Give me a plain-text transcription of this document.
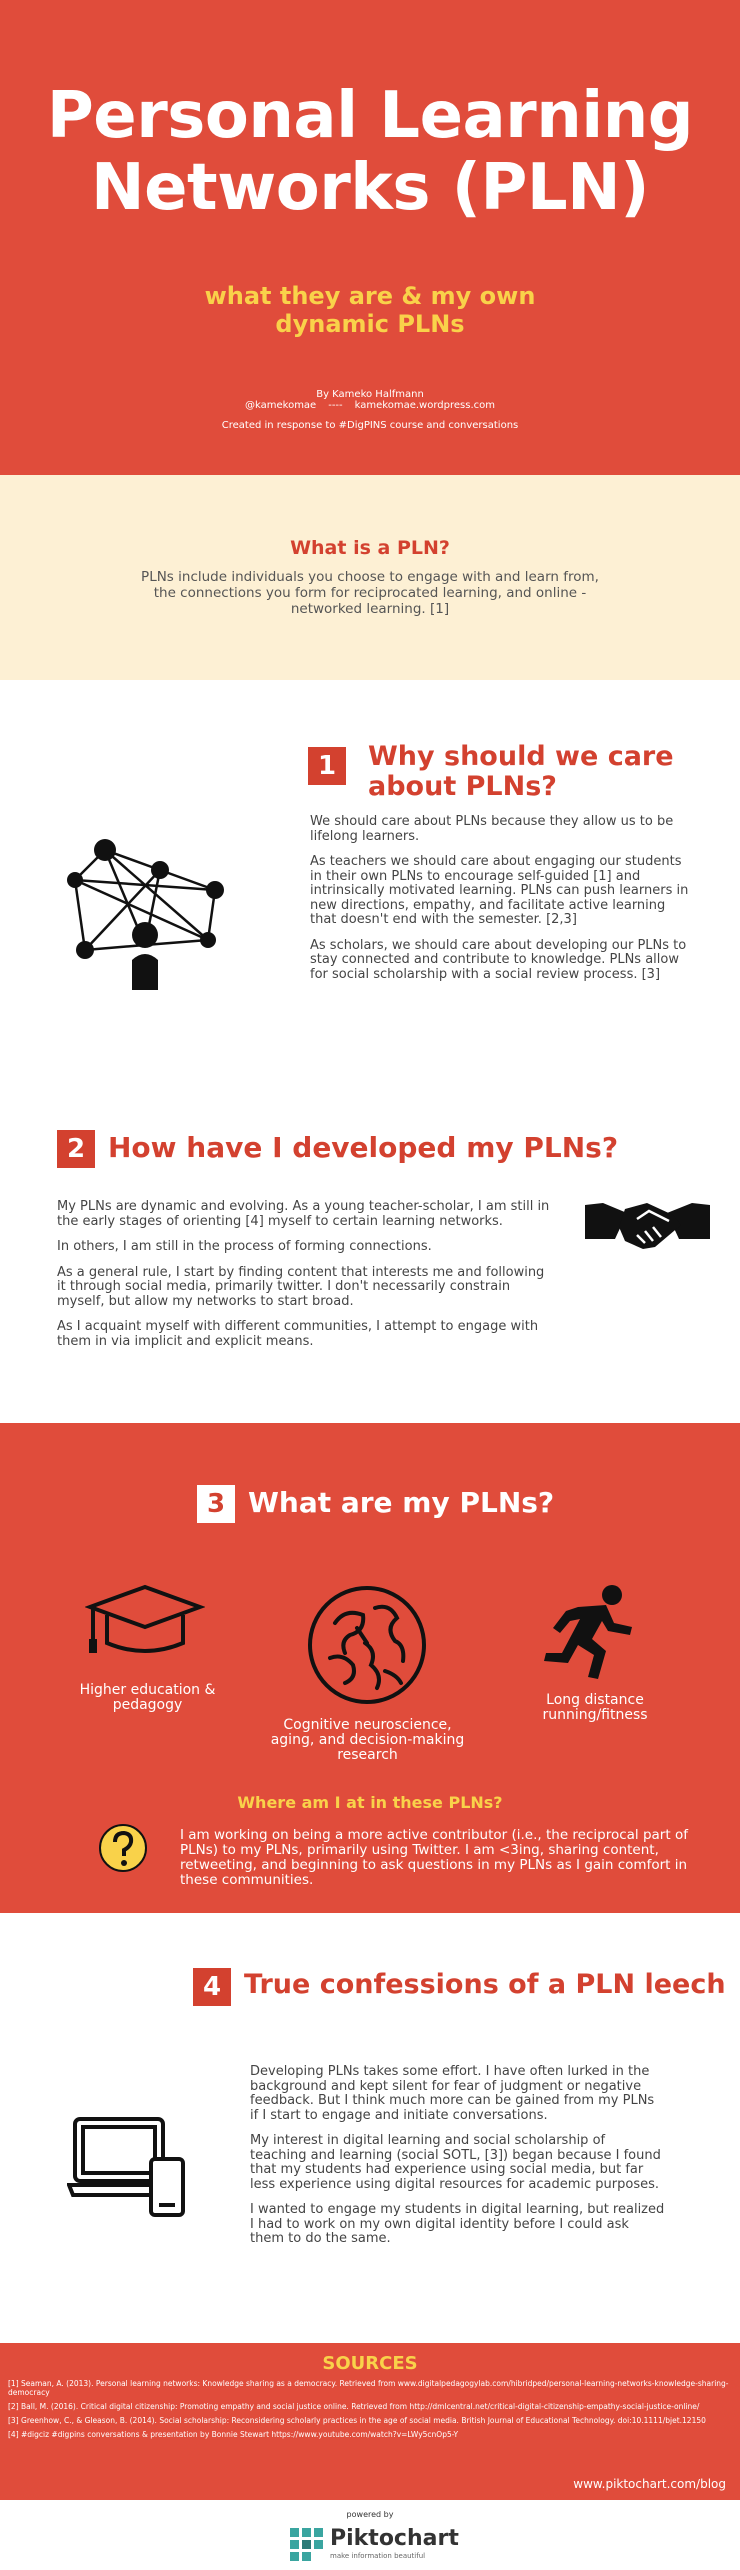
Personal Learning
Networks (PLN)
what they are & my own
dynamic PLNs
By Kameko Halfmann
@kamekomae ---- kamekomae.wordpress.com
Created in response to #DigPINS course and conversations
What is a PLN?

PLNs include individuals you choose to engage with and learn from, the connections you form for reciprocated learning, and online - networked learning. [1]

1	Why should we care
about PLNs?

We should care about PLNs because they allow us to be lifelong learners.

As teachers we should care about engaging our students in their own PLNs to encourage self-guided [1] and intrinsically motivated learning. PLNs can push learners in new directions, empathy, and facilitate active learning that doesn't end with the semester. [2,3]

As scholars, we should care about developing our PLNs to stay connected and contribute to knowledge. PLNs allow for social scholarship with a social review process. [3]

2 How have I developed my PLNs?

My PLNs are dynamic and evolving. As a young teacher-scholar, I am still in the early stages of orienting [4] myself to certain learning networks.

In others, I am still in the process of forming connections.

As a general rule, I start by finding content that interests me and following it through social media, primarily twitter. I don't necessarily constrain myself, but allow my networks to start broad.

As I acquaint myself with different communities, I attempt to engage with them in via implicit and explicit means.

3 What are my PLNs?
Higher education & pedagogy
Cognitive neuroscience, aging, and decision-making research
Long distance running/fitness
Where am I at in these PLNs?
I am working on being a more active contributor (i.e., the reciprocal part of PLNs) to my PLNs, primarily using Twitter. I am <3ing, sharing content, retweeting, and beginning to ask questions in my PLNs as I gain comfort in these communities.
4 True confessions of a PLN leech

Developing PLNs takes some effort. I have often lurked in the background and kept silent for fear of judgment or negative feedback. But I think much more can be gained from my PLNs if I start to engage and initiate conversations.

My interest in digital learning and social scholarship of teaching and learning (social SOTL, [3]) began because I found that my students had experience using social media, but far less experience using digital resources for academic purposes.

I wanted to engage my students in digital learning, but realized I had to work on my own digital identity before I could ask them to do the same.

SOURCES

[1] Seaman, A. (2013). Personal learning networks: Knowledge sharing as a democracy. Retrieved from www.digitalpedagogylab.com/hibridped/personal-learning-networks-knowledge-sharing-democracy

[2] Ball, M. (2016). Critical digital citizenship: Promoting empathy and social justice online. Retrieved from http://dmlcentral.net/critical-digital-citizenship-empathy-social-justice-online/

[3] Greenhow, C., & Gleason, B. (2014). Social scholarship: Reconsidering scholarly practices in the age of social media. British Journal of Educational Technology. doi:10.1111/bjet.12150

[4] #digciz #digpins conversations & presentation by Bonnie Stewart https://www.youtube.com/watch?v=LWy5cnOp5-Y

www.piktochart.com/blog
powered by
Piktochart
make information beautiful
